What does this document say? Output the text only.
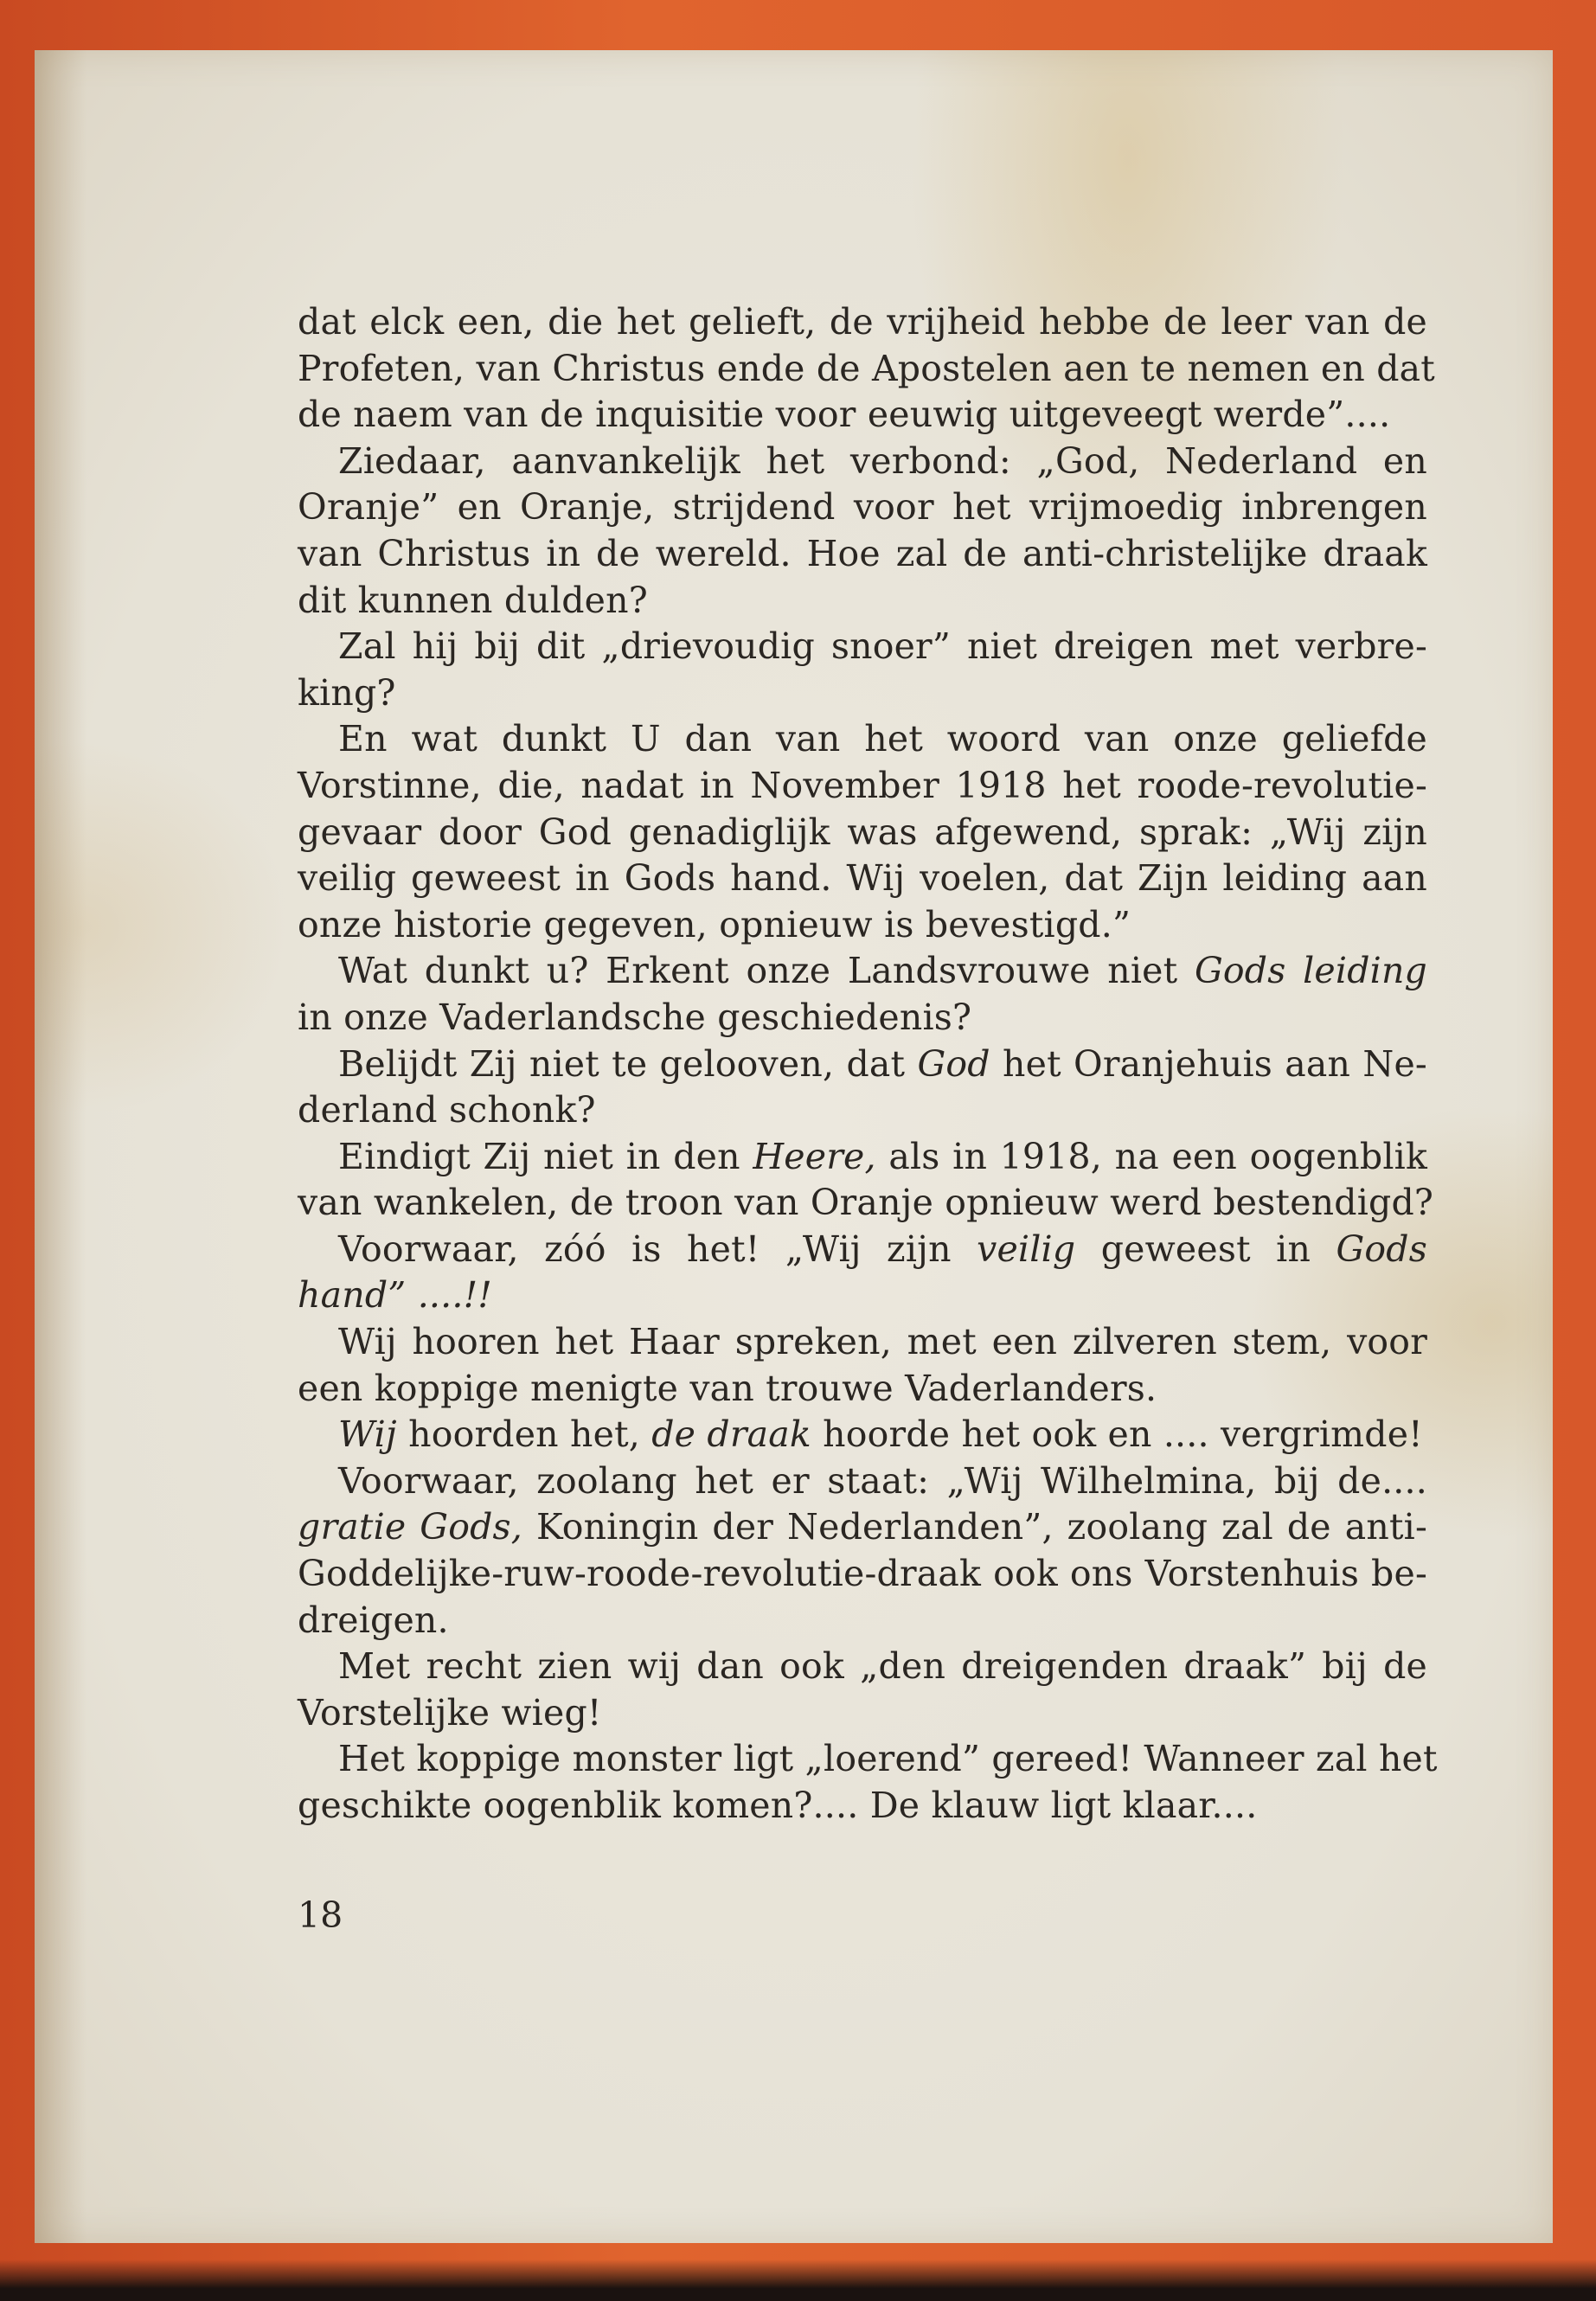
dat elck een, die het gelieft, de vrijheid hebbe de leer van de
Profeten, van Christus ende de Apostelen aen te nemen en dat
de naem van de inquisitie voor eeuwig uitgeveegt werde”....
Ziedaar, aanvankelijk het verbond: „God, Nederland en
Oranje” en Oranje, strijdend voor het vrijmoedig inbrengen
van Christus in de wereld. Hoe zal de anti-christelijke draak
dit kunnen dulden?
Zal hij bij dit „drievoudig snoer” niet dreigen met verbre-
king?
En wat dunkt U dan van het woord van onze geliefde
Vorstinne, die, nadat in November 1918 het roode-revolutie-
gevaar door God genadiglijk was afgewend, sprak: „Wij zijn
veilig geweest in Gods hand. Wij voelen, dat Zijn leiding aan
onze historie gegeven, opnieuw is bevestigd.”
Wat dunkt u? Erkent onze Landsvrouwe niet Gods leiding
in onze Vaderlandsche geschiedenis?
Belijdt Zij niet te gelooven, dat God het Oranjehuis aan Ne-
derland schonk?
Eindigt Zij niet in den Heere, als in 1918, na een oogenblik
van wankelen, de troon van Oranje opnieuw werd bestendigd?
Voorwaar, zóó is het! „Wij zijn veilig geweest in Gods
hand” ....!!
Wij hooren het Haar spreken, met een zilveren stem, voor
een koppige menigte van trouwe Vaderlanders.
Wij hoorden het, de draak hoorde het ook en .... vergrimde!
Voorwaar, zoolang het er staat: „Wij Wilhelmina, bij de....
gratie Gods, Koningin der Nederlanden”, zoolang zal de anti-
Goddelijke-ruw-roode-revolutie-draak ook ons Vorstenhuis be-
dreigen.
Met recht zien wij dan ook „den dreigenden draak” bij de
Vorstelijke wieg!
Het koppige monster ligt „loerend” gereed! Wanneer zal het
geschikte oogenblik komen?.... De klauw ligt klaar....
18
